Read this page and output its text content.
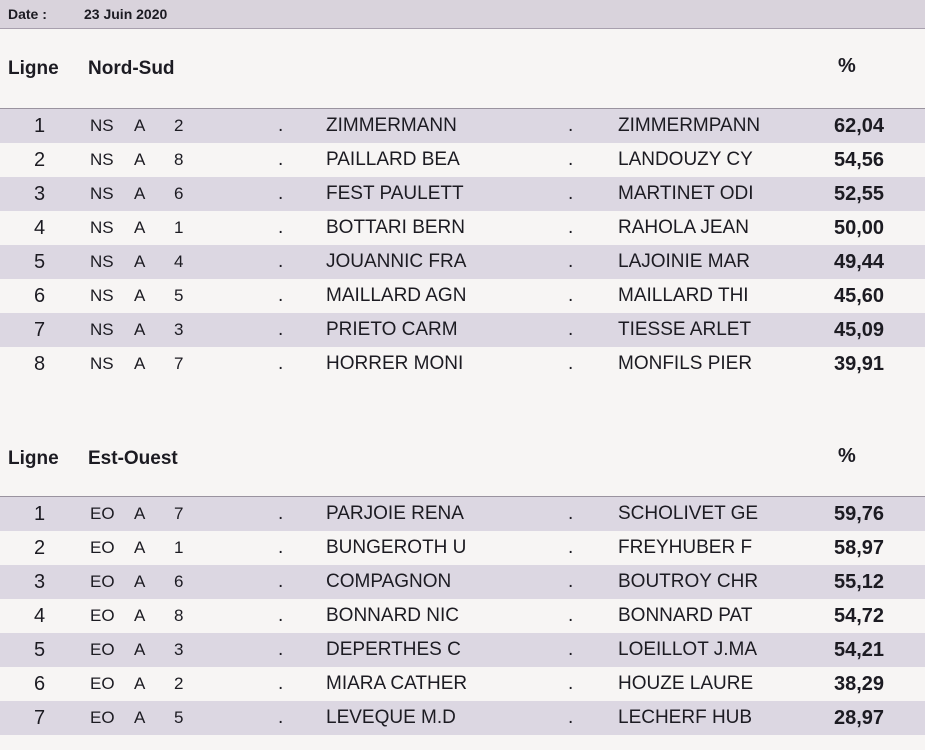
Date :	23 Juin 2020
Ligne Nord-Sud	%
1	NS A 2	. ZIMMERMANN	. ZIMMERMPANN	62,04
2	NS A 8	. PAILLARD BEA	. LANDOUZY CY	54,56
3	NS A 6	. FEST PAULETT	. MARTINET ODI	52,55
4	NS A 1	. BOTTARI BERN	. RAHOLA JEAN	50,00
5	NS A 4	. JOUANNIC FRA	. LAJOINIE MAR	49,44
6	NS A 5	. MAILLARD AGN	. MAILLARD THI	45,60
7	NS A 3	. PRIETO CARM	. TIESSE ARLET	45,09
8	NS A 7	. HORRER MONI	. MONFILS PIER	39,91
Ligne Est-Ouest	%
1	EO A 7	. PARJOIE RENA	. SCHOLIVET GE	59,76
2	EO A 1	. BUNGEROTH U	. FREYHUBER F	58,97
3	EO A 6	. COMPAGNON	. BOUTROY CHR	55,12
4	EO A 8	. BONNARD NIC	. BONNARD PAT	54,72
5	EO A 3	. DEPERTHES C	. LOEILLOT J.MA	54,21
6	EO A 2	. MIARA CATHER	. HOUZE LAURE	38,29
7	EO A 5	. LEVEQUE M.D	. LECHERF HUB	28,97
